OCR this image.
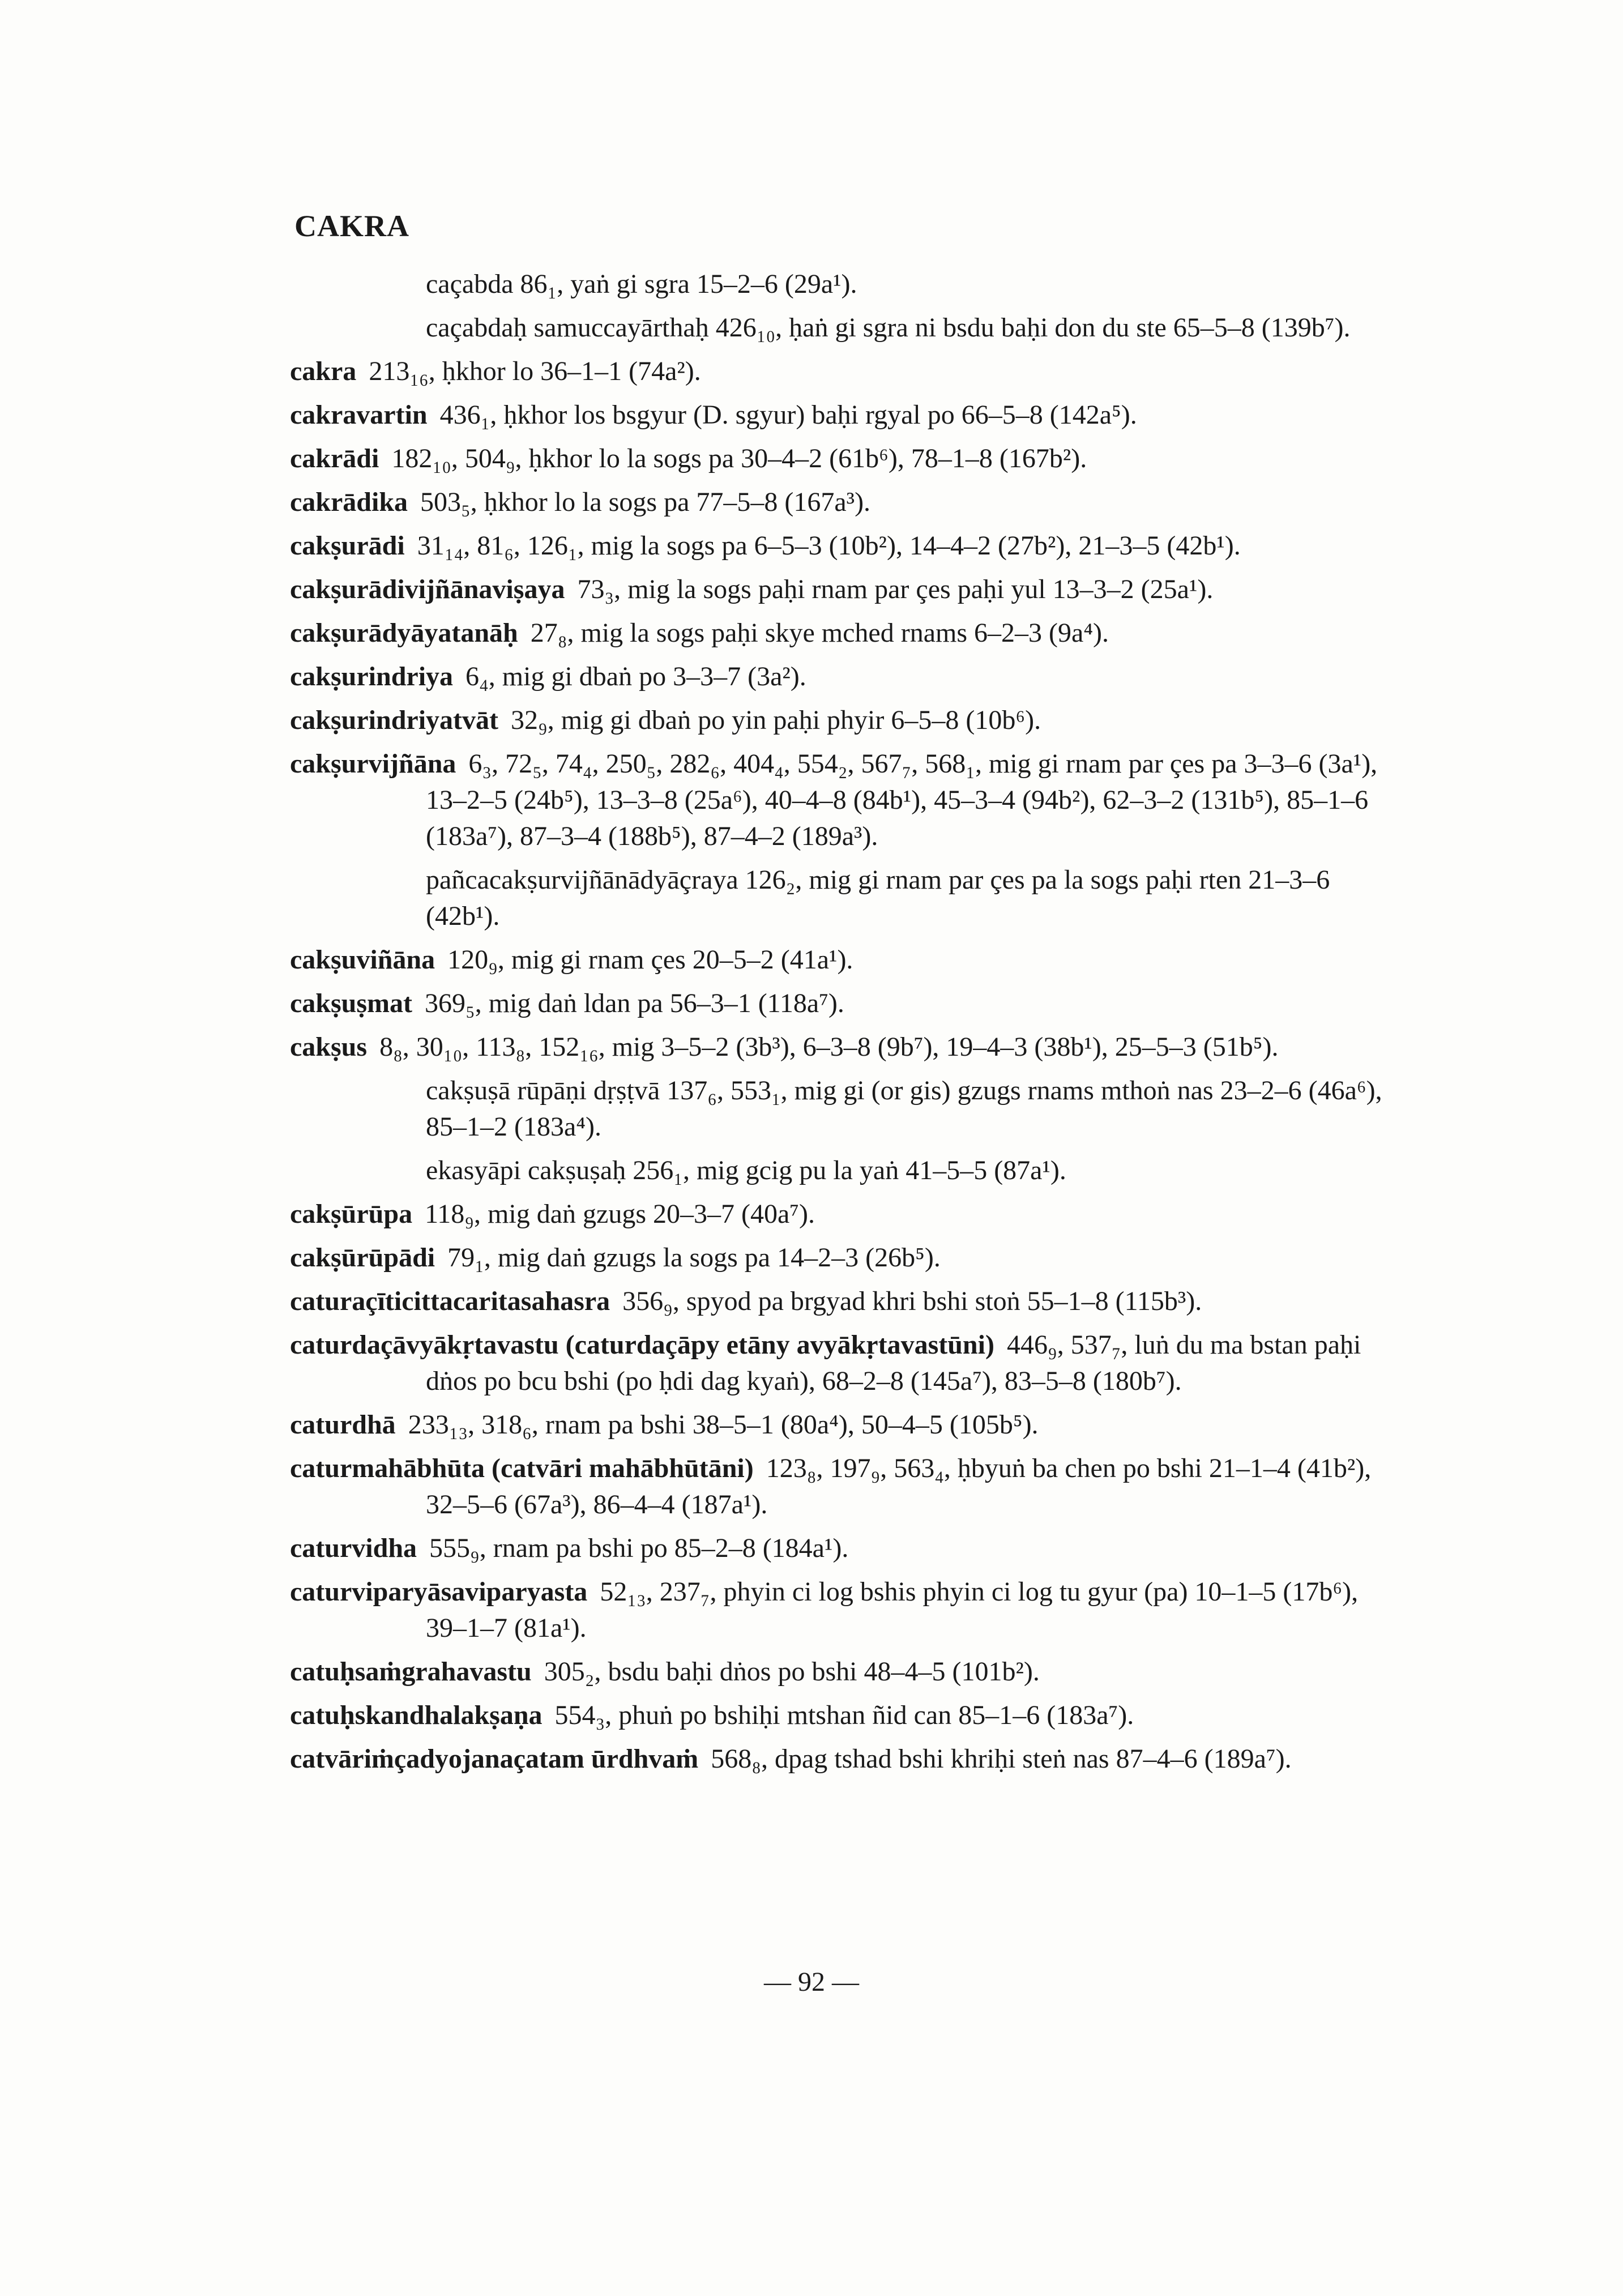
CAKRA
caçabda 86₁, yaṅ gi sgra 15–2–6 (29a¹).
caçabdaḥ samuccayārthaḥ 426₁₀, ḥaṅ gi sgra ni bsdu baḥi don du ste 65–5–8 (139b⁷).
cakra 213₁₆, ḥkhor lo 36–1–1 (74a²).
cakravartin 436₁, ḥkhor los bsgyur (D. sgyur) baḥi rgyal po 66–5–8 (142a⁵).
cakrādi 182₁₀, 504₉, ḥkhor lo la sogs pa 30–4–2 (61b⁶), 78–1–8 (167b²).
cakrādika 503₅, ḥkhor lo la sogs pa 77–5–8 (167a³).
cakṣurādi 31₁₄, 81₆, 126₁, mig la sogs pa 6–5–3 (10b²), 14–4–2 (27b²), 21–3–5 (42b¹).
cakṣurādivijñānaviṣaya 73₃, mig la sogs paḥi rnam par çes paḥi yul 13–3–2 (25a¹).
cakṣurādyāyatanāḥ 27₈, mig la sogs paḥi skye mched rnams 6–2–3 (9a⁴).
cakṣurindriya 6₄, mig gi dbaṅ po 3–3–7 (3a²).
cakṣurindriyatvāt 32₉, mig gi dbaṅ po yin paḥi phyir 6–5–8 (10b⁶).
cakṣurvijñāna 6₃, 72₅, 74₄, 250₅, 282₆, 404₄, 554₂, 567₇, 568₁, mig gi rnam par çes pa 3–3–6 (3a¹), 13–2–5 (24b⁵), 13–3–8 (25a⁶), 40–4–8 (84b¹), 45–3–4 (94b²), 62–3–2 (131b⁵), 85–1–6 (183a⁷), 87–3–4 (188b⁵), 87–4–2 (189a³).
pañcacakṣurvijñānādyāçraya 126₂, mig gi rnam par çes pa la sogs paḥi rten 21–3–6 (42b¹).
cakṣuviñāna 120₉, mig gi rnam çes 20–5–2 (41a¹).
cakṣuṣmat 369₅, mig daṅ ldan pa 56–3–1 (118a⁷).
cakṣus 8₈, 30₁₀, 113₈, 152₁₆, mig 3–5–2 (3b³), 6–3–8 (9b⁷), 19–4–3 (38b¹), 25–5–3 (51b⁵).
cakṣuṣā rūpāṇi dṛṣṭvā 137₆, 553₁, mig gi (or gis) gzugs rnams mthoṅ nas 23–2–6 (46a⁶), 85–1–2 (183a⁴).
ekasyāpi cakṣuṣaḥ 256₁, mig gcig pu la yaṅ 41–5–5 (87a¹).
cakṣūrūpa 118₉, mig daṅ gzugs 20–3–7 (40a⁷).
cakṣūrūpādi 79₁, mig daṅ gzugs la sogs pa 14–2–3 (26b⁵).
caturaçīticittacaritasahasra 356₉, spyod pa brgyad khri bshi stoṅ 55–1–8 (115b³).
caturdaçāvyākṛtavastu (caturdaçāpy etāny avyākṛtavastūni) 446₉, 537₇, luṅ du ma bstan paḥi dṅos po bcu bshi (po ḥdi dag kyaṅ), 68–2–8 (145a⁷), 83–5–8 (180b⁷).
caturdhā 233₁₃, 318₆, rnam pa bshi 38–5–1 (80a⁴), 50–4–5 (105b⁵).
caturmahābhūta (catvāri mahābhūtāni) 123₈, 197₉, 563₄, ḥbyuṅ ba chen po bshi 21–1–4 (41b²), 32–5–6 (67a³), 86–4–4 (187a¹).
caturvidha 555₉, rnam pa bshi po 85–2–8 (184a¹).
caturviparyāsaviparyasta 52₁₃, 237₇, phyin ci log bshis phyin ci log tu gyur (pa) 10–1–5 (17b⁶), 39–1–7 (81a¹).
catuḥsaṁgrahavastu 305₂, bsdu baḥi dṅos po bshi 48–4–5 (101b²).
catuḥskandhalakṣaṇa 554₃, phuṅ po bshiḥi mtshan ñid can 85–1–6 (183a⁷).
catvāriṁçadyojanaçatam ūrdhvaṁ 568₈, dpag tshad bshi khriḥi steṅ nas 87–4–6 (189a⁷).
— 92 —
